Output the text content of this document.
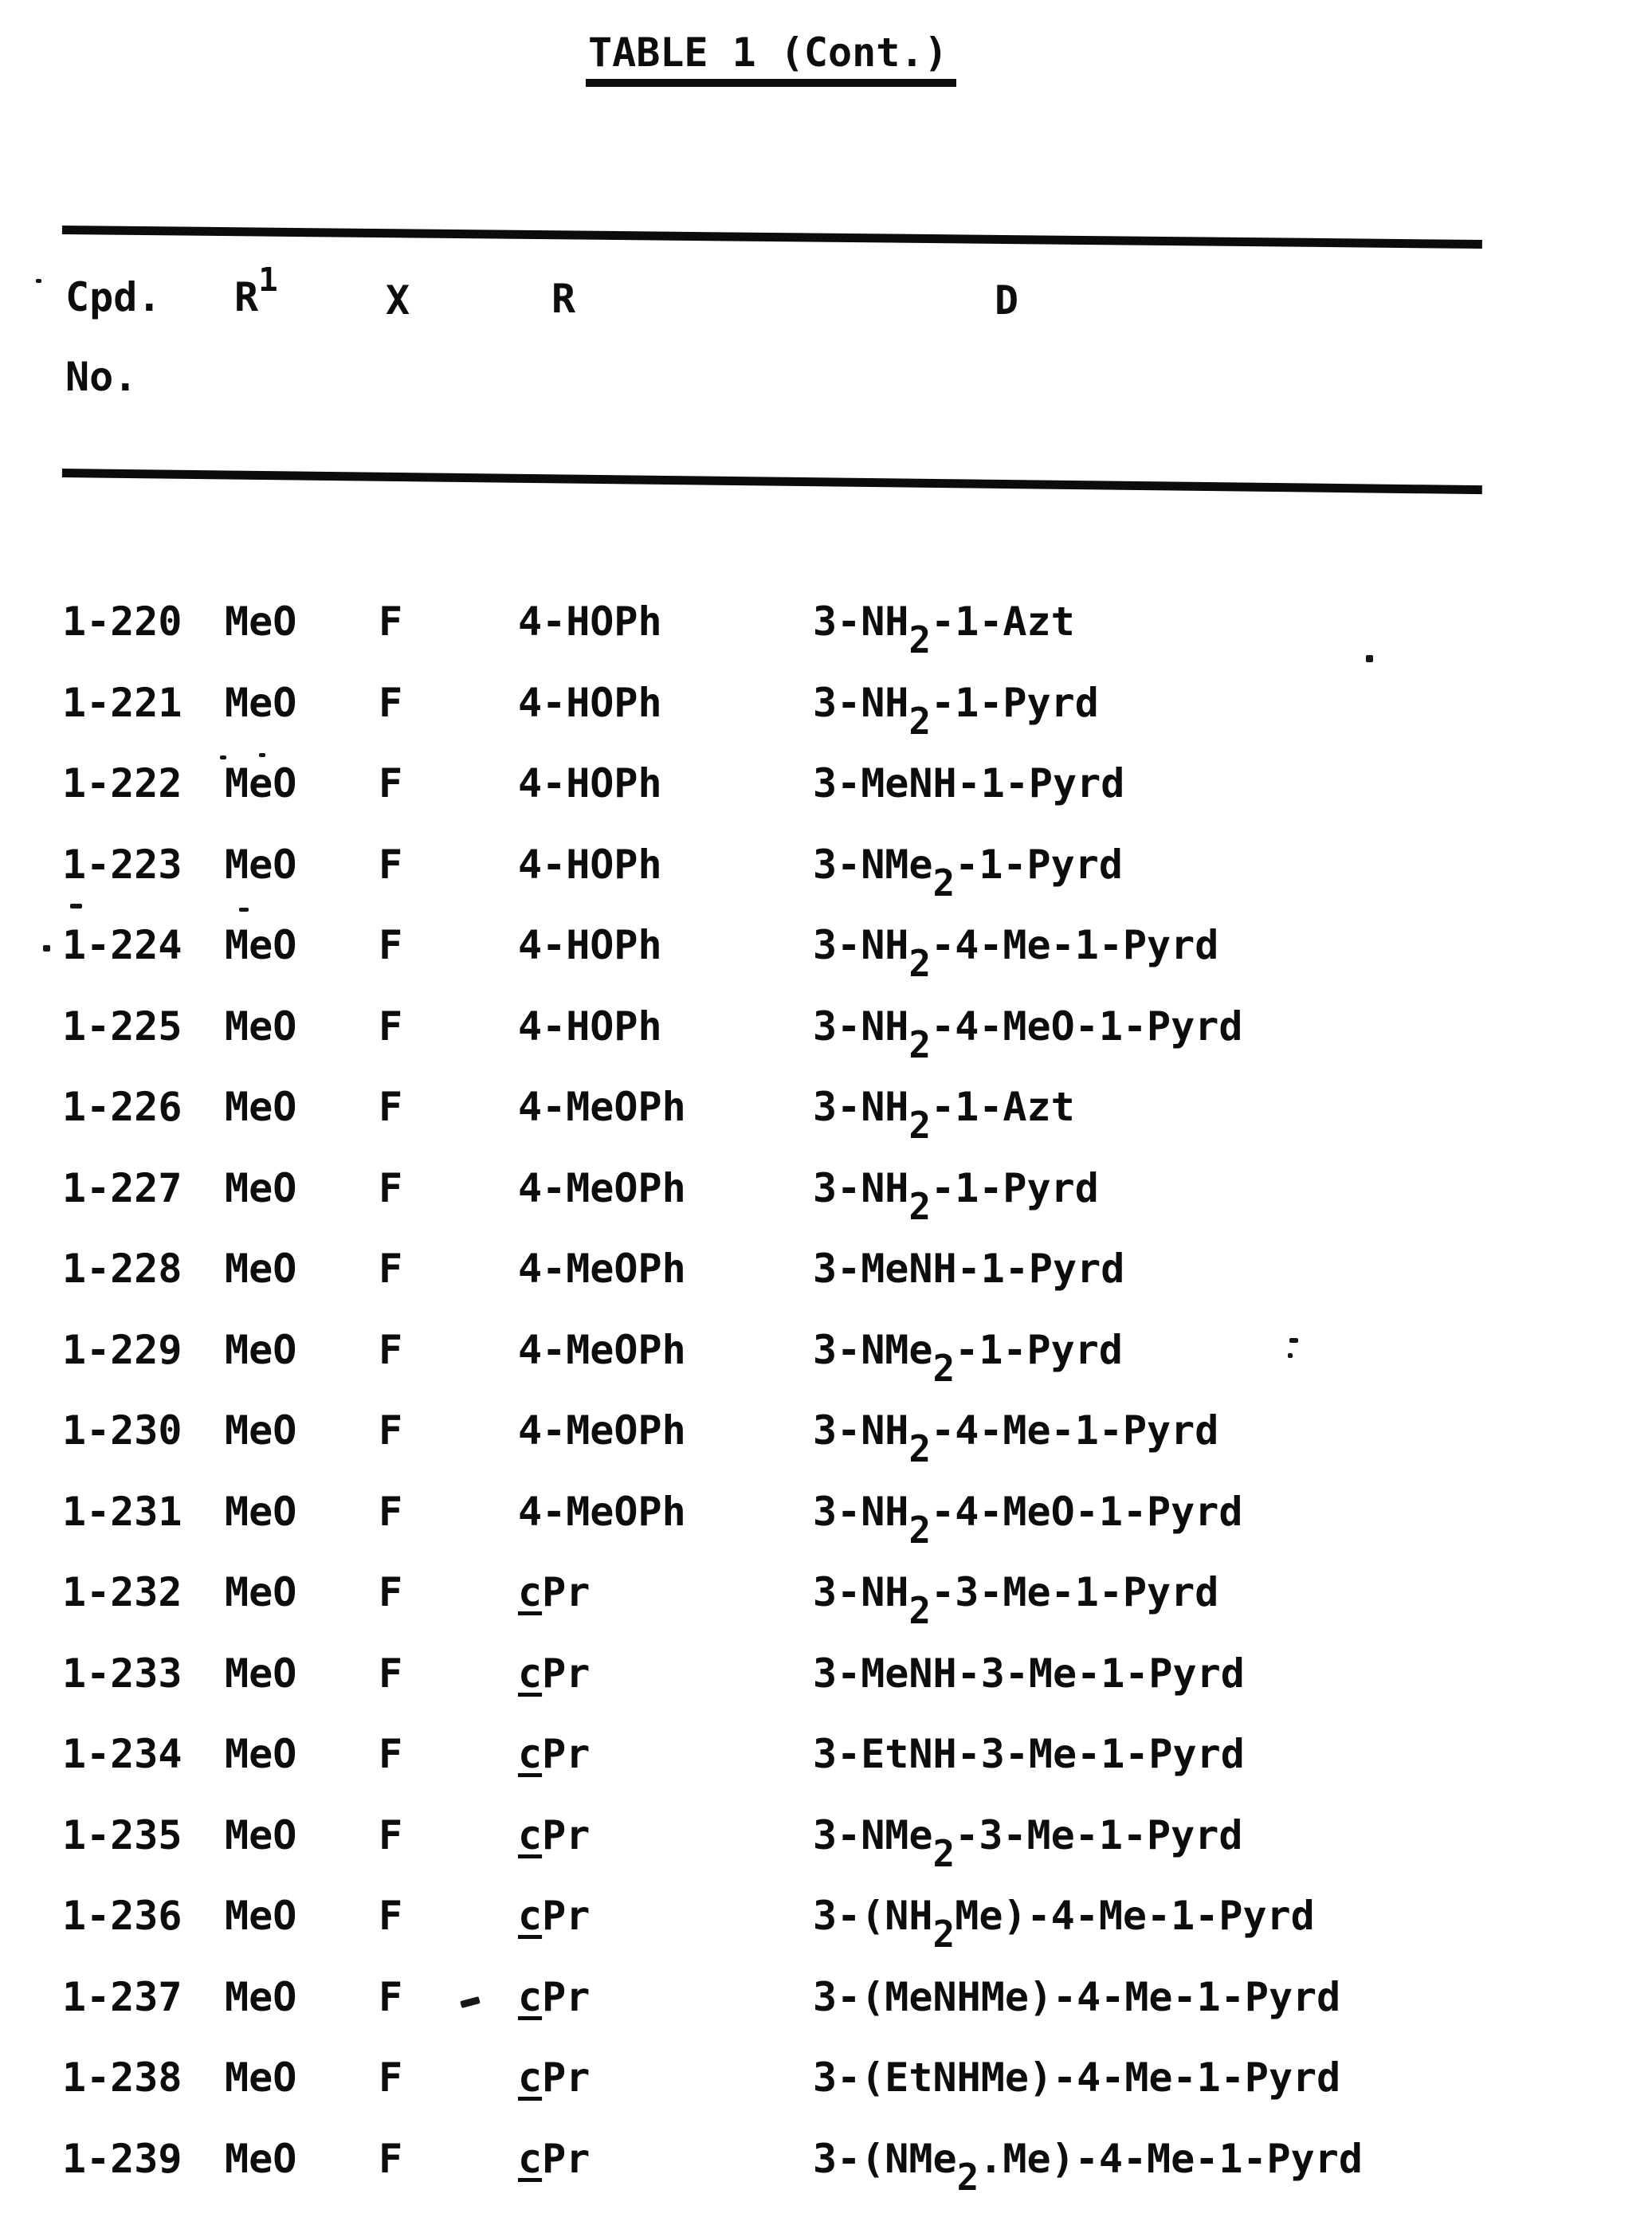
TABLE 1 (Cont.)
Cpd.
No.
$R^1$	X	R	D
1-220 MeO F	4-HOPh	3-NH2-1-Azt
1-221 MeO F	4-HOPh	3-NH2-1-Pyrd
1-222 MeO F	4-HOPh	3-MeNH-1-Pyrd
1-223 MeO F	4-HOPh	3-NMe2-1-Pyrd
1-224 MeO F	4-HOPh	3-NH2-4-Me-1-Pyrd
1-225 MeO F	4-HOPh	3-NH2-4-MeO-1-Pyrd
1-226 MeO F	4-MeOPh	3-NH2-1-Azt
1-227 MeO F	4-MeOPh	3-NH2-1-Pyrd
1-228 MeO F	4-MeOPh	3-MeNH-1-Pyrd
1-229 MeO F	4-MeOPh	3-NMe2-1-Pyrd
1-230 MeO F	4-MeOPh	3-NH2-4-Me-1-Pyrd
1-231 MeO F	4-MeOPh	3-NH2-4-MeO-1-Pyrd
1-232 MeO F	cPr	3-NH2-3-Me-1-Pyrd
1-233 MeO F	cPr	3-MeNH-3-Me-1-Pyrd
1-234 MeO F	cPr	3-EtNH-3-Me-1-Pyrd
1-235 MeO F	cPr	3-NMe2-3-Me-1-Pyrd
1-236 MeO F	cPr	3-(NH2Me)-4-Me-1-Pyrd
1-237 MeO F	cPr	3-(MeNHMe)-4-Me-1-Pyrd
1-238 MeO F	cPr	3-(EtNHMe)-4-Me-1-Pyrd
1-239 MeO F	cPr	3-(NMe2.Me)-4-Me-1-Pyrd
